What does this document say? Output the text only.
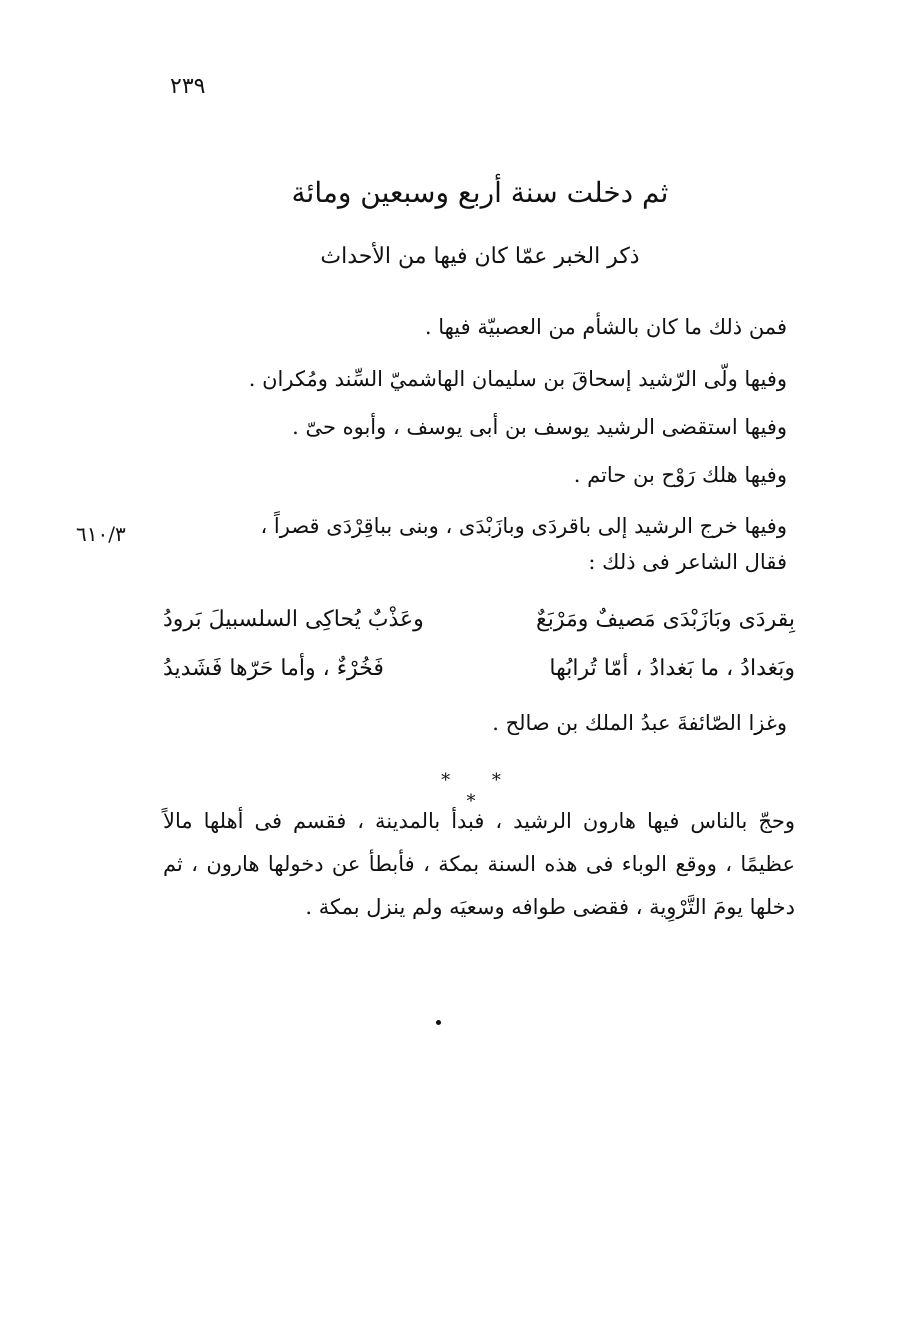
٢٣٩
ثم دخلت سنة أربع وسبعين ومائة
ذكر الخبر عمّا كان فيها من الأحداث
فمن ذلك ما كان بالشأم من العصبيّة فيها .
وفيها ولّى الرّشيد إسحاقَ بن سليمان الهاشميّ السِّند ومُكران .
وفيها استقضى الرشيد يوسف بن أبى يوسف ، وأبوه حىّ .
وفيها هلك رَوْح بن حاتم .
وفيها خرج الرشيد إلى باقردَى وبازَبْدَى ، وبنى بباقِرْدَى قصراً ،
فقال الشاعر فى ذلك :
٦١٠/٣
بِقردَى وبَازَبْدَى مَصيفٌ ومَرْبَعٌ
وعَذْبٌ يُحاكِى السلسبيلَ بَرودُ
وبَغدادُ ، ما بَغدادُ ، أمّا تُرابُها
فَخُرْءٌ ، وأما حَرّها فَشَديدُ
وغزا الصّائفةَ عبدُ الملك بن صالح .
* * *
وحجّ بالناس فيها هارون الرشيد ، فبدأ بالمدينة ، فقسم فى أهلها مالاً عظيمًا ، ووقع الوباء فى هذه السنة بمكة ، فأبطأ عن دخولها هارون ، ثم دخلها يومَ التَّرْوِية ، فقضى طوافه وسعيَه ولم ينزل بمكة .
